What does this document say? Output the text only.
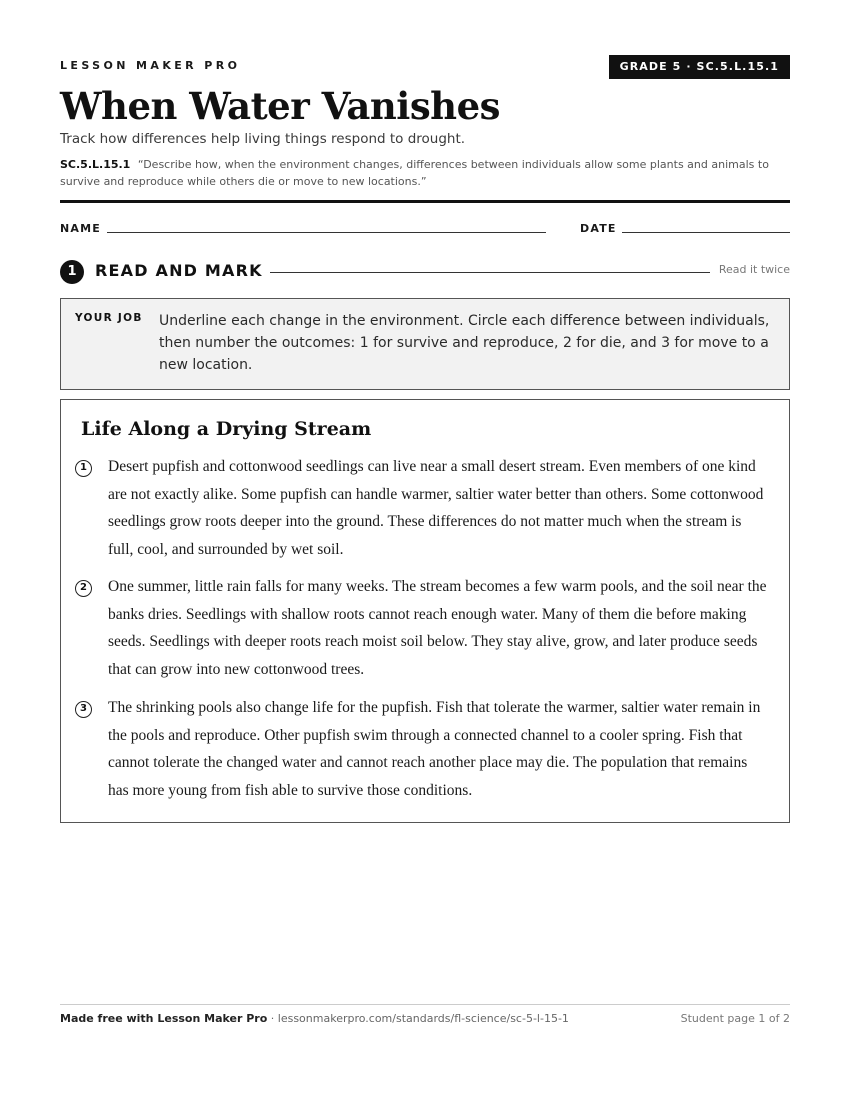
LESSON MAKER PRO	GRADE 5 · SC.5.L.15.1
When Water Vanishes
Track how differences help living things respond to drought.
SC.5.L.15.1 “Describe how, when the environment changes, differences between individuals allow some plants and animals to survive and reproduce while others die or move to new locations.”
NAME	DATE
1	READ AND MARK	Read it twice
YOUR JOB Underline each change in the environment. Circle each difference between individuals, then number the outcomes: 1 for survive and reproduce, 2 for die, and 3 for move to a new location.
Life Along a Drying Stream
1	Desert pupfish and cottonwood seedlings can live near a small desert stream. Even members of one kind are not exactly alike. Some pupfish can handle warmer, saltier water better than others. Some cottonwood seedlings grow roots deeper into the ground. These differences do not matter much when the stream is full, cool, and surrounded by wet soil.
2	One summer, little rain falls for many weeks. The stream becomes a few warm pools, and the soil near the banks dries. Seedlings with shallow roots cannot reach enough water. Many of them die before making seeds. Seedlings with deeper roots reach moist soil below. They stay alive, grow, and later produce seeds that can grow into new cottonwood trees.
3	The shrinking pools also change life for the pupfish. Fish that tolerate the warmer, saltier water remain in the pools and reproduce. Other pupfish swim through a connected channel to a cooler spring. Fish that cannot tolerate the changed water and cannot reach another place may die. The population that remains has more young from fish able to survive those conditions.
Made free with Lesson Maker Pro · lessonmakerpro.com/standards/fl-science/sc-5-l-15-1	Student page 1 of 2
